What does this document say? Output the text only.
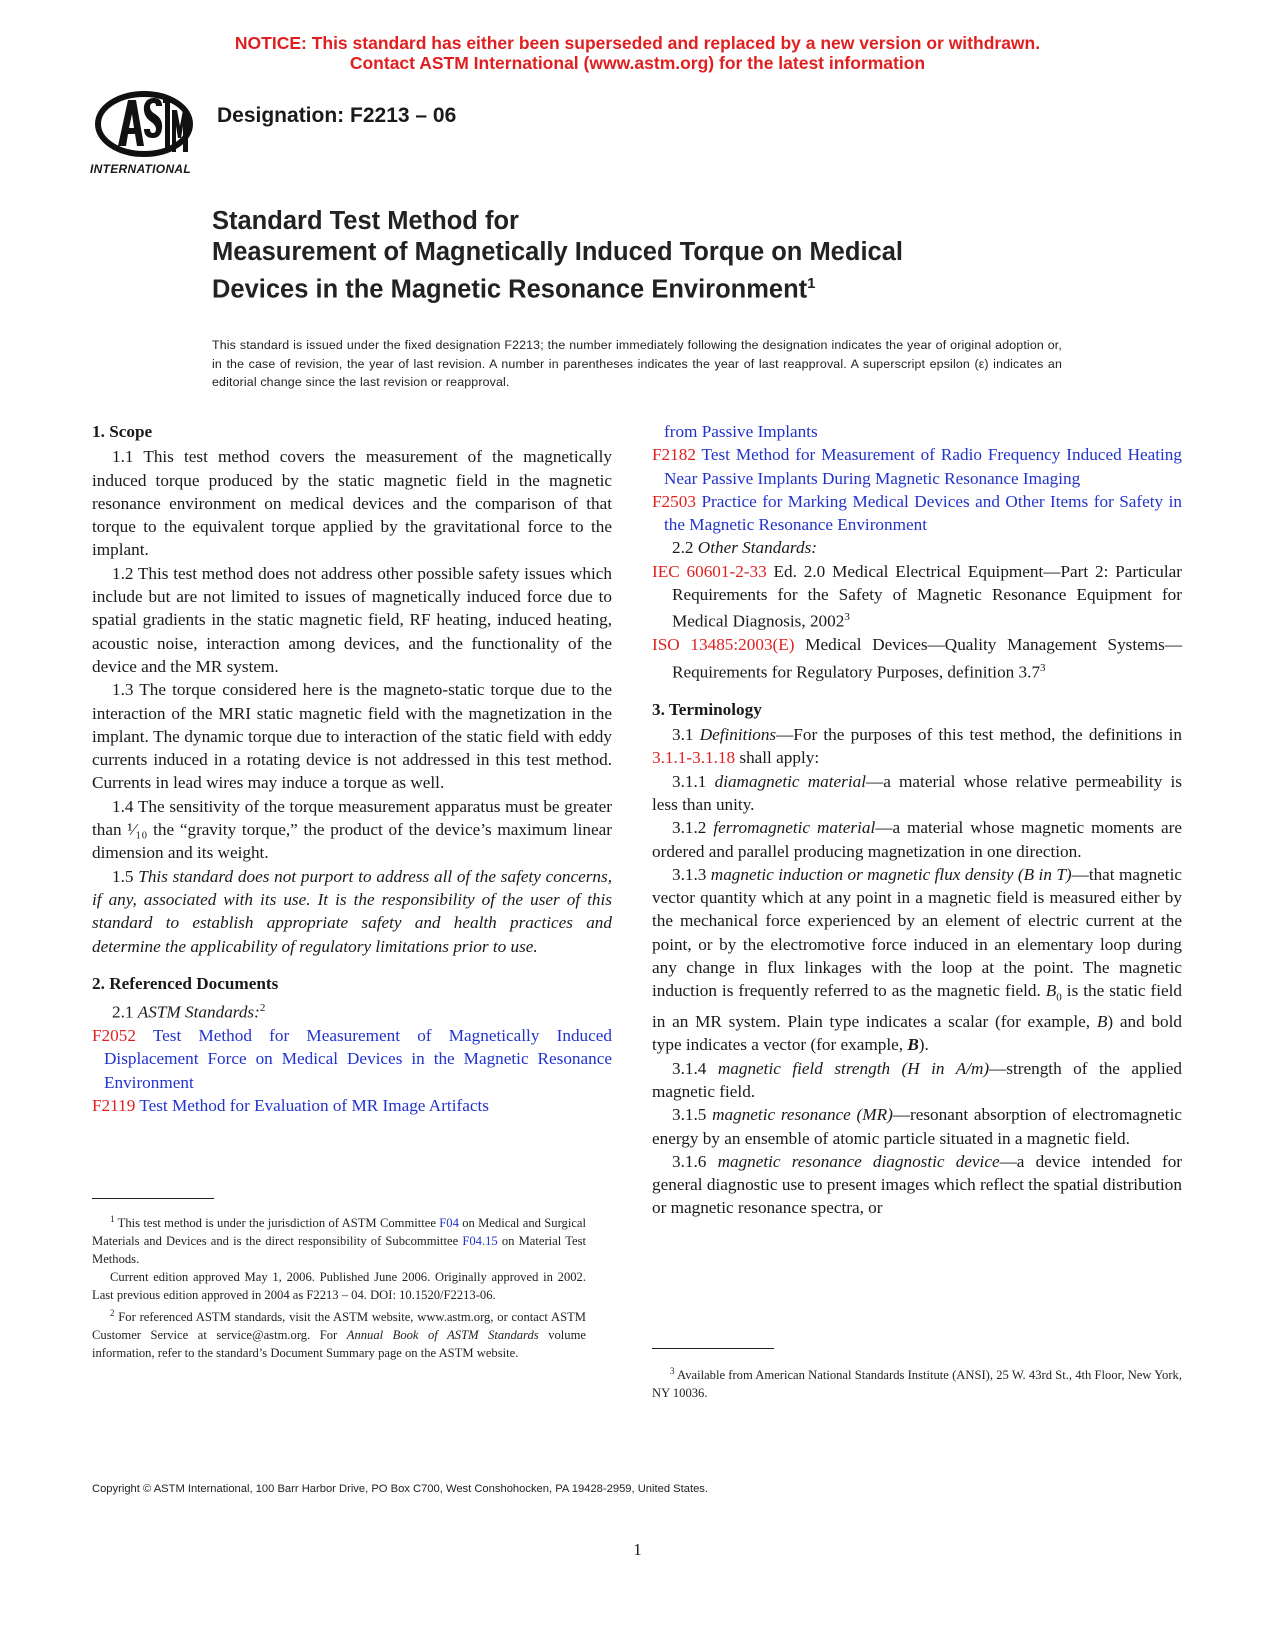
NOTICE: This standard has either been superseded and replaced by a new version or withdrawn.
Contact ASTM International (www.astm.org) for the latest information
INTERNATIONAL
Designation: F2213 – 06
Standard Test Method for
Measurement of Magnetically Induced Torque on Medical
Devices in the Magnetic Resonance Environment$^1$
This standard is issued under the fixed designation F2213; the number immediately following the designation indicates the year of original adoption or, in the case of revision, the year of last revision. A number in parentheses indicates the year of last reapproval. A superscript epsilon (ε) indicates an editorial change since the last revision or reapproval.

1. Scope

1.1 This test method covers the measurement of the magnetically induced torque produced by the static magnetic field in the magnetic resonance environment on medical devices and the comparison of that torque to the equivalent torque applied by the gravitational force to the implant.

1.2 This test method does not address other possible safety issues which include but are not limited to issues of magnetically induced force due to spatial gradients in the static magnetic field, RF heating, induced heating, acoustic noise, interaction among devices, and the functionality of the device and the MR system.

1.3 The torque considered here is the magneto-static torque due to the interaction of the MRI static magnetic field with the magnetization in the implant. The dynamic torque due to interaction of the static field with eddy currents induced in a rotating device is not addressed in this test method. Currents in lead wires may induce a torque as well.

1.4 The sensitivity of the torque measurement apparatus must be greater than ¹⁄₁₀ the “gravity torque,” the product of the device’s maximum linear dimension and its weight.

1.5 This standard does not purport to address all of the safety concerns, if any, associated with its use. It is the responsibility of the user of this standard to establish appropriate safety and health practices and determine the applicability of regulatory limitations prior to use.

2. Referenced Documents

2.1 ASTM Standards:$^2$

F2052 Test Method for Measurement of Magnetically Induced Displacement Force on Medical Devices in the Magnetic Resonance Environment

F2119 Test Method for Evaluation of MR Image Artifacts

$^1$ This test method is under the jurisdiction of ASTM Committee F04 on Medical and Surgical Materials and Devices and is the direct responsibility of Subcommittee F04.15 on Material Test Methods.

Current edition approved May 1, 2006. Published June 2006. Originally approved in 2002. Last previous edition approved in 2004 as F2213 – 04. DOI: 10.1520/F2213-06.

$^2$ For referenced ASTM standards, visit the ASTM website, www.astm.org, or contact ASTM Customer Service at service@astm.org. For Annual Book of ASTM Standards volume information, refer to the standard’s Document Summary page on the ASTM website.

from Passive Implants

F2182 Test Method for Measurement of Radio Frequency Induced Heating Near Passive Implants During Magnetic Resonance Imaging

F2503 Practice for Marking Medical Devices and Other Items for Safety in the Magnetic Resonance Environment

2.2 Other Standards:

IEC 60601-2-33 Ed. 2.0 Medical Electrical Equipment—Part 2: Particular Requirements for the Safety of Magnetic Resonance Equipment for Medical Diagnosis, 2002$^3$

ISO 13485:2003(E) Medical Devices—Quality Management Systems—Requirements for Regulatory Purposes, definition $3.7^3$

3. Terminology

3.1 Definitions—For the purposes of this test method, the definitions in 3.1.1-3.1.18 shall apply:

3.1.1 diamagnetic material—a material whose relative permeability is less than unity.

3.1.2 ferromagnetic material—a material whose magnetic moments are ordered and parallel producing magnetization in one direction.

3.1.3 magnetic induction or magnetic flux density (B in T)—that magnetic vector quantity which at any point in a magnetic field is measured either by the mechanical force experienced by an element of electric current at the point, or by the electromotive force induced in an elementary loop during any change in flux linkages with the loop at the point. The magnetic induction is frequently referred to as the magnetic field. $B_0$ is the static field in an MR system. Plain type indicates a scalar (for example, B) and bold type indicates a vector (for example, B).

3.1.4 magnetic field strength (H in A/m)—strength of the applied magnetic field.

3.1.5 magnetic resonance (MR)—resonant absorption of electromagnetic energy by an ensemble of atomic particle situated in a magnetic field.

3.1.6 magnetic resonance diagnostic device—a device intended for general diagnostic use to present images which reflect the spatial distribution or magnetic resonance spectra, or

$^3$ Available from American National Standards Institute (ANSI), 25 W. 43rd St., 4th Floor, New York, NY 10036.

Copyright © ASTM International, 100 Barr Harbor Drive, PO Box C700, West Conshohocken, PA 19428-2959, United States.
1
